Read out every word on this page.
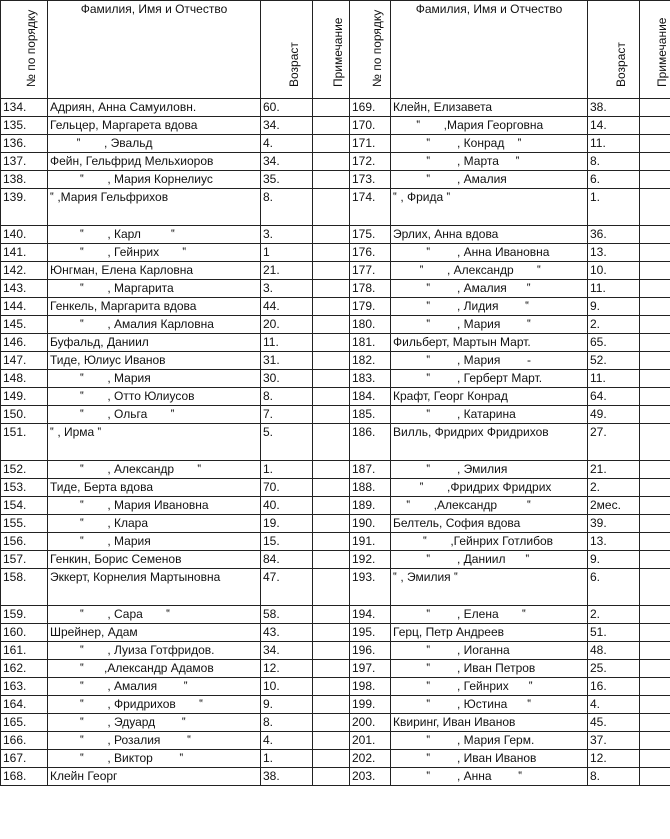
№ по порядку	Фамилия, Имя и Отчество	Возраст	Примечание	№ по порядку	Фамилия, Имя и Отчество	Возраст	Примечание

134.	Адриян, Анна Самуиловн.	60.		169.	Клейн, Елизавета	38.	
135.	Гельцер, Маргарета вдова	34.		170.	‟       ,Мария Георговна	14.	
136.	‟       , Эвальд	4.		171.	‟        , Конрад    ‟	11.	
137.	Фейн, Гельфрид Мельхиоров	34.		172.	‟        , Марта     ‟	8.	
138.	‟       , Мария Корнелиус	35.		173.	‟        , Амалия	6.	
139.	‟ ,Мария Гельфрихов	8.		174.	‟ , Фрида ‟	1.	
140.	‟       , Карл         ‟	3.		175.	Эрлих, Анна вдова	36.	
141.	‟       , Гейнрих       ‟	1		176.	‟        , Анна Ивановна	13.	
142.	Юнгман, Елена Карловна	21.		177.	‟       , Александр       ‟	10.	
143.	‟       , Маргарита	3.		178.	‟        , Амалия      ‟	11.	
144.	Генкель, Маргарита вдова	44.		179.	‟        , Лидия        ‟	9.	
145.	‟       , Амалия Карловна	20.		180.	‟        , Мария        ‟	2.	
146.	Буфальд, Даниил	11.		181.	Фильберт, Мартын Март.	65.	
147.	Тиде, Юлиус Иванов	31.		182.	‟        , Мария        -	52.	
148.	‟       , Мария	30.		183.	‟        , Герберт Март.	11.	
149.	‟       , Отто Юлиусов	8.		184.	Крафт, Георг Конрад	64.	
150.	‟       , Ольга       ‟	7.		185.	‟        , Катарина	49.	
151.	‟ , Ирма ‟	5.		186.	Вилль, Фридрих Фридрихов	27.	
152.	‟       , Александр       ‟	1.		187.	‟        , Эмилия	21.	
153.	Тиде, Берта вдова	70.		188.	‟       ,Фридрих Фридрих	2.	
154.	‟       , Мария Ивановна	40.		189.	‟       ,Александр         ‟	2мес.	
155.	‟       , Клара	19.		190.	Белтель, София вдова	39.	
156.	‟       , Мария	15.		191.	‟       ,Гейнрих Готлибов	13.	
157.	Генкин, Борис Семенов	84.		192.	‟        , Даниил      ‟	9.	
158.	Эккерт, Корнелия Мартыновна	47.		193.	‟ , Эмилия ‟	6.	
159.	‟       , Сара       ‟	58.		194.	‟        , Елена       ‟	2.	
160.	Шрейнер, Адам	43.		195.	Герц, Петр Андреев	51.	
161.	‟       , Луиза Готфридов.	34.		196.	‟        , Иоганна	48.	
162.	‟      ,Александр Адамов	12.		197.	‟        , Иван Петров	25.	
163.	‟       , Амалия        ‟	10.		198.	‟        , Гейнрих      ‟	16.	
164.	‟       , Фридрихов       ‟	9.		199.	‟        , Юстина      ‟	4.	
165.	‟       , Эдуард        ‟	8.		200.	Квиринг, Иван Иванов	45.	
166.	‟       , Розалия        ‟	4.		201.	‟        , Мария Герм.	37.	
167.	‟       , Виктор        ‟	1.		202.	‟        , Иван Иванов	12.	
168.	Клейн Георг	38.		203.	‟        , Анна        ‟	8.	
